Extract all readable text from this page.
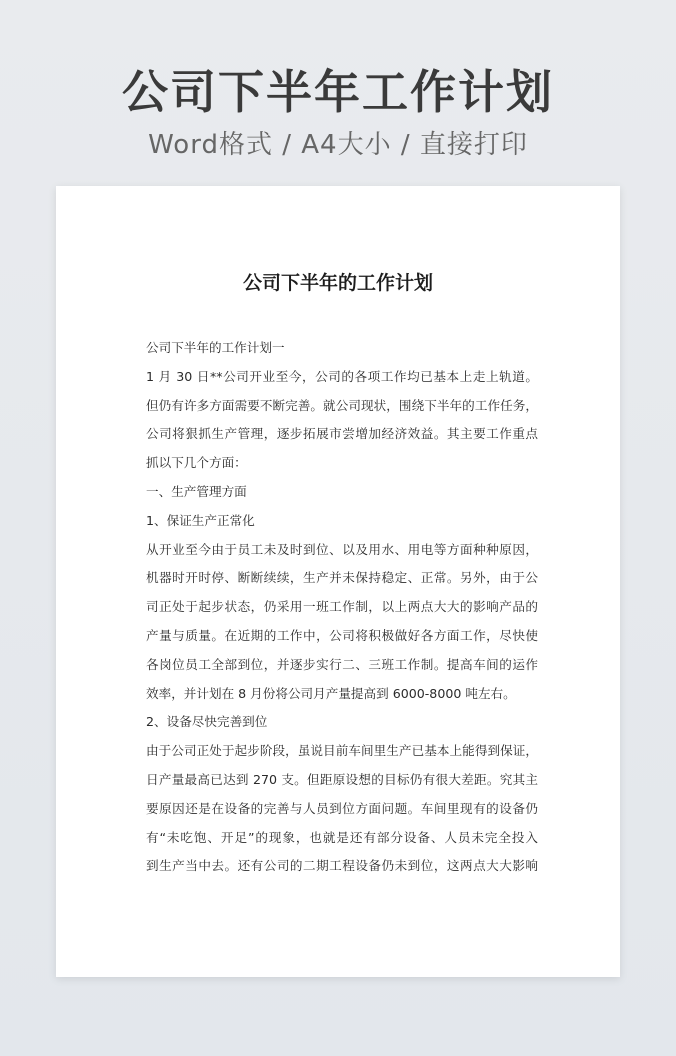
公司下半年工作计划
Word格式 / A4大小 / 直接打印
公司下半年的工作计划
公司下半年的工作计划一
1 月 30 日**公司开业至今，公司的各项工作均已基本上走上轨道。
但仍有许多方面需要不断完善。就公司现状，围绕下半年的工作任务，
公司将狠抓生产管理，逐步拓展市尝增加经济效益。其主要工作重点
抓以下几个方面：
一、生产管理方面
1、保证生产正常化
从开业至今由于员工未及时到位、以及用水、用电等方面种种原因，
机器时开时停、断断续续，生产并未保持稳定、正常。另外，由于公
司正处于起步状态，仍采用一班工作制，以上两点大大的影响产品的
产量与质量。在近期的工作中，公司将积极做好各方面工作，尽快使
各岗位员工全部到位，并逐步实行二、三班工作制。提高车间的运作
效率，并计划在 8 月份将公司月产量提高到 6000-8000 吨左右。
2、设备尽快完善到位
由于公司正处于起步阶段，虽说目前车间里生产已基本上能得到保证，
日产量最高已达到 270 支。但距原设想的目标仍有很大差距。究其主
要原因还是在设备的完善与人员到位方面问题。车间里现有的设备仍
有“未吃饱、开足”的现象，也就是还有部分设备、人员未完全投入
到生产当中去。还有公司的二期工程设备仍未到位，这两点大大影响
